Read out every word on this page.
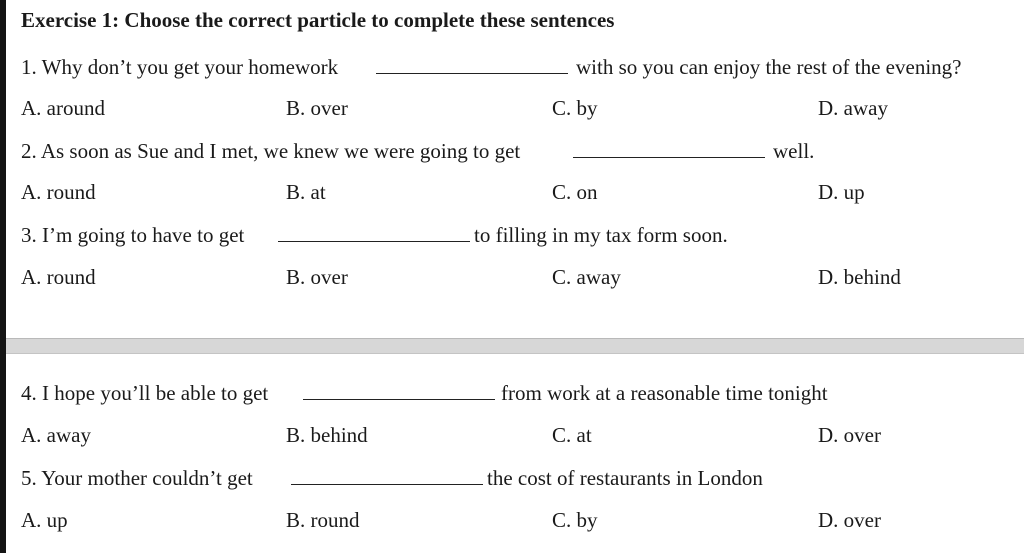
Exercise 1: Choose the correct particle to complete these sentences
1. Why don’t you get your homework	with so you can enjoy the rest of the evening?
A. around	B. over	C. by	D. away
2. As soon as Sue and I met, we knew we were going to get	well.
A. round	B. at	C. on	D. up
3. I’m going to have to get	to filling in my tax form soon.
A. round	B. over	C. away	D. behind
4. I hope you’ll be able to get	from work at a reasonable time tonight
A. away	B. behind	C. at	D. over
5. Your mother couldn’t get	the cost of restaurants in London
A. up	B. round	C. by	D. over
